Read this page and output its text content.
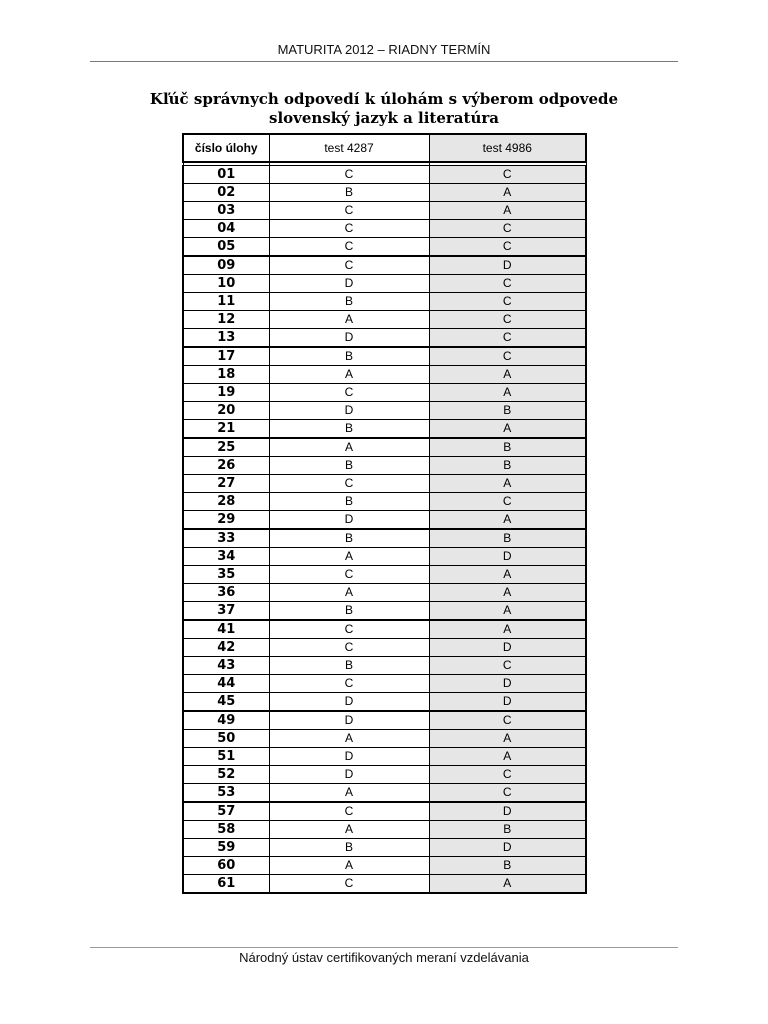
MATURITA 2012 – RIADNY TERMÍN
Kľúč správnych odpovedí k úlohám s výberom odpovede
slovenský jazyk a literatúra
číslo úlohy	test 4287	test 4986

01	C	C
02	B	A
03	C	A
04	C	C
05	C	C
09	C	D
10	D	C
11	B	C
12	A	C
13	D	C
17	B	C
18	A	A
19	C	A
20	D	B
21	B	A
25	A	B
26	B	B
27	C	A
28	B	C
29	D	A
33	B	B
34	A	D
35	C	A
36	A	A
37	B	A
41	C	A
42	C	D
43	B	C
44	C	D
45	D	D
49	D	C
50	A	A
51	D	A
52	D	C
53	A	C
57	C	D
58	A	B
59	B	D
60	A	B
61	C	A
Národný ústav certifikovaných meraní vzdelávania
